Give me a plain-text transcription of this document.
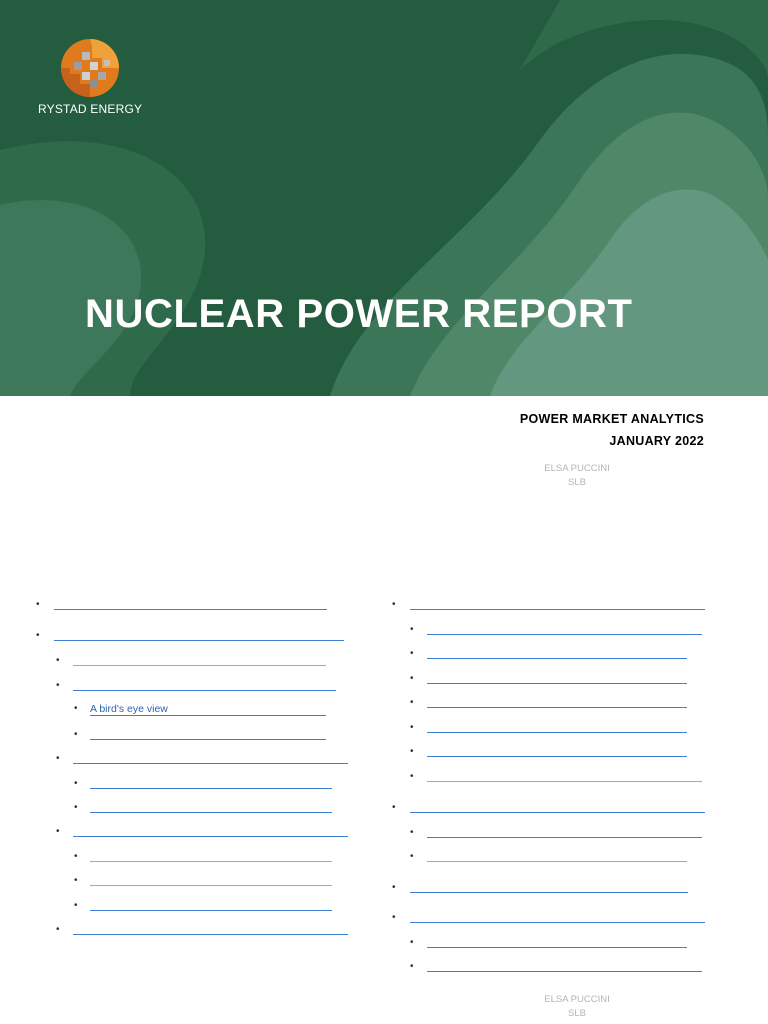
RYSTAD ENERGY
NUCLEAR POWER REPORT
POWER MARKET ANALYTICS
JANUARY 2022
ELSA PUCCINI
SLB
•
•
•
•
• A bird's eye view
•
•
•
•
•
•
•
•
•
•
•
•
•
•
•
•
•
•
•
•
•
•
•
•
ELSA PUCCINI
SLB
